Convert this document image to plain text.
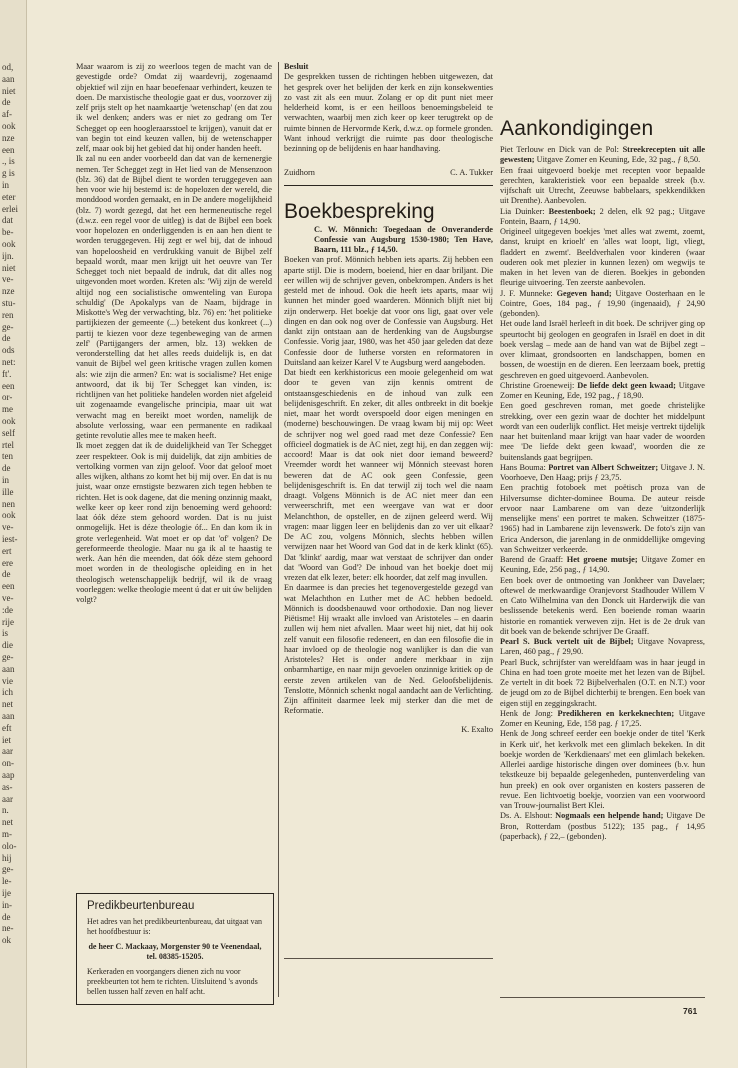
od,
aan
niet
de
af-
ook
nze
een
., is
g is
in
eter
erlei
dat
be-
ook
ijn.
niet
ve-
nze
stu-
ren
ge-
de
ods
net:
ft'.
een
or-
me
ook
self
rtel
ten
de
in
ille
nen
ook
ve-
iest-
ert
ere
de
een
ve-
:de
rije
is
die
ge-
aan
vie
ich
net
aan
eft
iet
aar
on-
aap
as-
aar
n.
net
m-
olo-
hij
ge-
le-
ije
in-
de
ne-
ok

Maar waarom is zij zo weerloos tegen de macht van de gevestigde orde? Omdat zij waardevrij, zogenaamd objektief wil zijn en haar beoefenaar verhindert, keuzen te doen. De marxistische theologie gaat er dus, voorzover zij zelf prijs stelt op het naamkaartje 'wetenschap' (en dat zou ik wel denken; anders was er niet zo gedrang om Ter Schegget op een hoogleraarsstoel te krijgen), vanuit dat er van begin tot eind keuzen vallen, bij de wetenschapper zelf, maar ook bij het gebied dat hij onder handen heeft.

Ik zal nu een ander voorbeeld dan dat van de kernenergie nemen. Ter Schegget zegt in Het lied van de Mensenzoon (blz. 36) dat de Bijbel dient te worden teruggegeven aan hen voor wie hij bestemd is: de hopelozen der wereld, die monddood worden gemaakt, en in De andere mogelijkheid (blz. 7) wordt gezegd, dat het een hermeneutische regel (d.w.z. een regel voor de uitleg) is dat de Bijbel een boek voor hopelozen en onderliggenden is en aan hen dient te worden teruggegeven. Hij zegt er wel bij, dat de inhoud van hopeloosheid en verdrukking vanuit de Bijbel zelf bepaald wordt, maar men krijgt uit het oeuvre van Ter Schegget toch niet bepaald de indruk, dat dit alles nog uitgevonden moet worden. Kreten als: 'Wij zijn de wereld altijd nog een socialistische omwenteling van Europa schuldig' (De Apokalyps van de Naam, bijdrage in Miskotte's Weg der verwachting, blz. 76) en: 'het politieke partijkiezen der gemeente (...) betekent dus konkreet (...) partij te kiezen voor deze tegenbeweging van de armen zelf' (Partijgangers der armen, blz. 13) wekken de veronderstelling dat het alles reeds duidelijk is, en dat vanuit de Bijbel wel geen kritische vragen zullen komen als: wie zijn die armen? En: wat is socialisme? Het enige antwoord, dat ik bij Ter Schegget kan vinden, is: richtlijnen van het politieke handelen worden niet afgeleid uit zogenaamde evangelische principia, maar uit wat verwacht mag en bereikt moet worden, namelijk de absolute verlossing, waar een permanente en radikaal getinte revolutie alles mee te maken heeft.

Ik moet zeggen dat ik de duidelijkheid van Ter Schegget zeer respekteer. Ook is mij duidelijk, dat zijn ambities de vertolking vormen van zijn geloof. Voor dat geloof moet alles wijken, althans zo komt het bij mij over. En dat is nu juist, waar onze ernstigste bezwaren zich tegen hebben te richten. Het is ook dagene, dat die mening onzinnig maakt, welke keer op keer rond zijn benoeming werd gehoord: laat óók déze stem gehoord worden. Dat is nu juist onmogelijk. Het is déze theologie óf... En dan kom ik in grote verlegenheid. Wat moet er op dat 'of' volgen? De gereformeerde theologie. Maar nu ga ik al te haastig te werk. Aan hén die meenden, dat óók déze stem gehoord moet worden in de theologische opleiding en in het theologisch wetenschappelijk bedrijf, wil ik de vraag voorleggen: welke theologie meent ú dat er uit úw belijden volgt?

Predikbeurtenbureau

Het adres van het predikbeurtenbureau, dat uitgaat van het hoofdbestuur is:

de heer C. Mackaay, Morgenster 90 te Veenendaal, tel. 08385-15205.

Kerkeraden en voorgangers dienen zich nu voor preekbeurten tot hem te richten. Uitsluitend 's avonds bellen tussen half zeven en half acht.

Besluit

De gesprekken tussen de richtingen hebben uitgewezen, dat het gesprek over het belijden der kerk en zijn konsekwenties zo vast zit als een muur. Zolang er op dit punt niet meer helderheid komt, is er een heilloos benoemingsbeleid te verwachten, waarbij men zich keer op keer terugtrekt op de ruimte binnen de Hervormde Kerk, d.w.z. op formele gronden. Want inhoud verkrijgt die ruimte pas door theologische bezinning op de belijdenis en haar handhaving.

Zuidhorn	C. A. Tukker
Boekbespreking

C. W. Mönnich: Toegedaan de Onveranderde Confessie van Augsburg 1530-1980; Ten Have, Baarn, 111 blz., ƒ 14,50.

Boeken van prof. Mönnich hebben iets aparts. Zij hebben een aparte stijl. Die is modern, boeiend, hier en daar briljant. Die eer willen wij de schrijver geven, onbekrompen. Anders is het gesteld met de inhoud. Ook die heeft iets aparts, maar wij kunnen het minder goed waarderen. Mönnich blijft niet bij zijn onderwerp. Het boekje dat voor ons ligt, gaat over vele dingen en dan ook nog over de Confessie van Augsburg. Het dankt zijn ontstaan aan de herdenking van de Augsburgse Confessie. Vorig jaar, 1980, was het 450 jaar geleden dat deze Confessie door de lutherse vorsten en reformatoren in Duitsland aan keizer Karel V te Augsburg werd aangeboden.

Dat biedt een kerkhistoricus een mooie gelegenheid om wat door te geven van zijn kennis omtrent de ontstaansgeschiedenis en de inhoud van zulk een belijdenisgeschrift. En zeker, dit alles ontbreekt in dit boekje niet, maar het wordt overspoeld door eigen meningen en (moderne) beschouwingen. De vraag kwam bij mij op: Weet de schrijver nog wel goed raad met deze Confessie? Een officieel dogmatiek is de AC niet, zegt hij, en dan zeggen wij: accoord! Maar is dat ook niet door iemand beweerd? Vreemder wordt het wanneer wij Mönnich steevast horen beweren dat de AC ook geen Confessie, geen belijdenisgeschrift is. En dat terwijl zij toch wel die naam draagt. Volgens Mönnich is de AC niet meer dan een verweerschrift, met een weergave van wat er door Melanchthon, de opsteller, en de zijnen geleerd werd. Wij vragen: maar liggen leer en belijdenis dan zo ver uit elkaar? De AC zou, volgens Mönnich, slechts hebben willen verwijzen naar het Woord van God dat in de kerk klinkt (65). Dat 'klinkt' aardig, maar wat verstaat de schrijver dan onder dat 'Woord van God'? De inhoud van het boekje doet mij vrezen dat elk lezer, beter: elk hoorder, dat zelf mag invullen.

En daarmee is dan precies het tegenovergestelde gezegd van wat Melachthon en Luther met de AC hebben bedoeld. Mönnich is doodsbenauwd voor orthodoxie. Dan nog liever Piëtisme! Hij wraakt alle invloed van Aristoteles – en daarin zullen wij hem niet afvallen. Maar weet hij niet, dat hij ook zelf vanuit een filosofie redeneert, en dan een filosofie die in haar invloed op de theologie nog wanlijker is dan die van Aristoteles? Het is onder andere merkbaar in zijn onbarmhartige, en naar mijn gevoelen onzinnige kritiek op de eerste zeven artikelen van de Ned. Geloofsbelijdenis. Tenslotte, Mönnich schenkt nogal aandacht aan de Verlichting. Zijn affiniteit daarmee leek mij sterker dan die met de Reformatie.

K. Exalto
Aankondigingen

Piet Terlouw en Dick van de Pol: Streekrecepten uit alle gewesten; Uitgave Zomer en Keuning, Ede, 32 pag., ƒ 8,50.

Een fraai uitgevoerd boekje met recepten voor bepaalde gerechten, karakteristiek voor een bepaalde streek (b.v. vijfschaft uit Utrecht, Zeeuwse babbelaars, spekkendikken uit Drenthe). Aanbevolen.

Lia Duinker: Beestenboek; 2 delen, elk 92 pag.; Uitgave Fontein, Baarn, ƒ 14,90.

Origineel uitgegeven boekjes 'met alles wat zwemt, zoemt, danst, kruipt en krioelt' en 'alles wat loopt, ligt, vliegt, fladdert en zwemt'. Beeldverhalen voor kinderen (waar ouderen ook met plezier in kunnen lezen) om wegwijs te maken in het leven van de dieren. Boekjes in gebonden fleurige uitvoering. Ten zeerste aanbevolen.

J. F. Munneke: Gegeven hand; Uitgave Oosterhaan en le Cointre, Goes, 184 pag., ƒ 19,90 (ingenaaid), ƒ 24,90 (gebonden).

Het oude land Israël herleeft in dit boek. De schrijver ging op speurtocht bij geologen en geografen in Israël en doet in dit boek verslag – mede aan de hand van wat de Bijbel zegt – over klimaat, grondsoorten en landschappen, bomen en bossen, de woestijn en de dieren. Een leerzaam boek, prettig geschreven en goed uitgevoerd. Aanbevolen.

Christine Groeneweij: De liefde dekt geen kwaad; Uitgave Zomer en Keuning, Ede, 192 pag., ƒ 18,90.

Een goed geschreven roman, met goede christelijke strekking, over een gezin waar de dochter het middelpunt wordt van een ouderlijk conflict. Het meisje vertrekt tijdelijk naar het buitenland maar krijgt van haar vader de woorden mee 'De liefde dekt geen kwaad', woorden die ze buitenslands gaat begrijpen.

Hans Bouma: Portret van Albert Schweitzer; Uitgave J. N. Voorhoeve, Den Haag; prijs ƒ 23,75.

Een prachtig fotoboek met poëtisch proza van de Hilversumse dichter-dominee Bouma. De auteur reisde ervoor naar Lambarene om van deze 'uitzonderlijk menselijke mens' een portret te maken. Schweitzer (1875-1965) had in Lambarene zijn levenswerk. De foto's zijn van Erica Anderson, die jarenlang in de onmiddellijke omgeving van Schweitzer verkeerde.

Barend de Graaff: Het groene mutsje; Uitgave Zomer en Keuning, Ede, 256 pag., ƒ 14,90.

Een boek over de ontmoeting van Jonkheer van Davelaer; oftewel de merkwaardige Oranjevorst Stadhouder Willem V en Cato Wilhelmina van den Donck uit Harderwijk die van beslissende betekenis werd. Een boeiende roman waarin historie en romantiek verweven zijn. Het is de 2e druk van dit boek van de bekende schrijver De Graaff.

Pearl S. Buck vertelt uit de Bijbel; Uitgave Novapress, Laren, 460 pag., ƒ 29,90.

Pearl Buck, schrijfster van wereldfaam was in haar jeugd in China en had toen grote moeite met het lezen van de Bijbel. Ze vertelt in dit boek 72 Bijbelverhalen (O.T. en N.T.) voor de jeugd om zo de Bijbel dichterbij te brengen. Een boek van eigen stijl en zeggingskracht.

Henk de Jong: Predikheren en kerkeknechten; Uitgave Zomer en Keuning, Ede, 158 pag. ƒ 17,25.

Henk de Jong schreef eerder een boekje onder de titel 'Kerk in Kerk uit', het kerkvolk met een glimlach bekeken. In dit boekje worden de 'Kerkdienaars' met een glimlach bekeken. Allerlei aardige historische dingen over dominees (b.v. hun tekstkeuze bij bepaalde gelegenheden, puntenverdeling van hun preek) en ook over organisten en kosters passeren de revue. Een lichtvoetig boekje, voorzien van een voorwoord van Trouw-journalist Bert Klei.

Ds. A. Elshout: Nogmaals een helpende hand; Uitgave De Bron, Rotterdam (postbus 5122); 135 pag., ƒ 14,95 (paperback), ƒ 22,– (gebonden).

761
